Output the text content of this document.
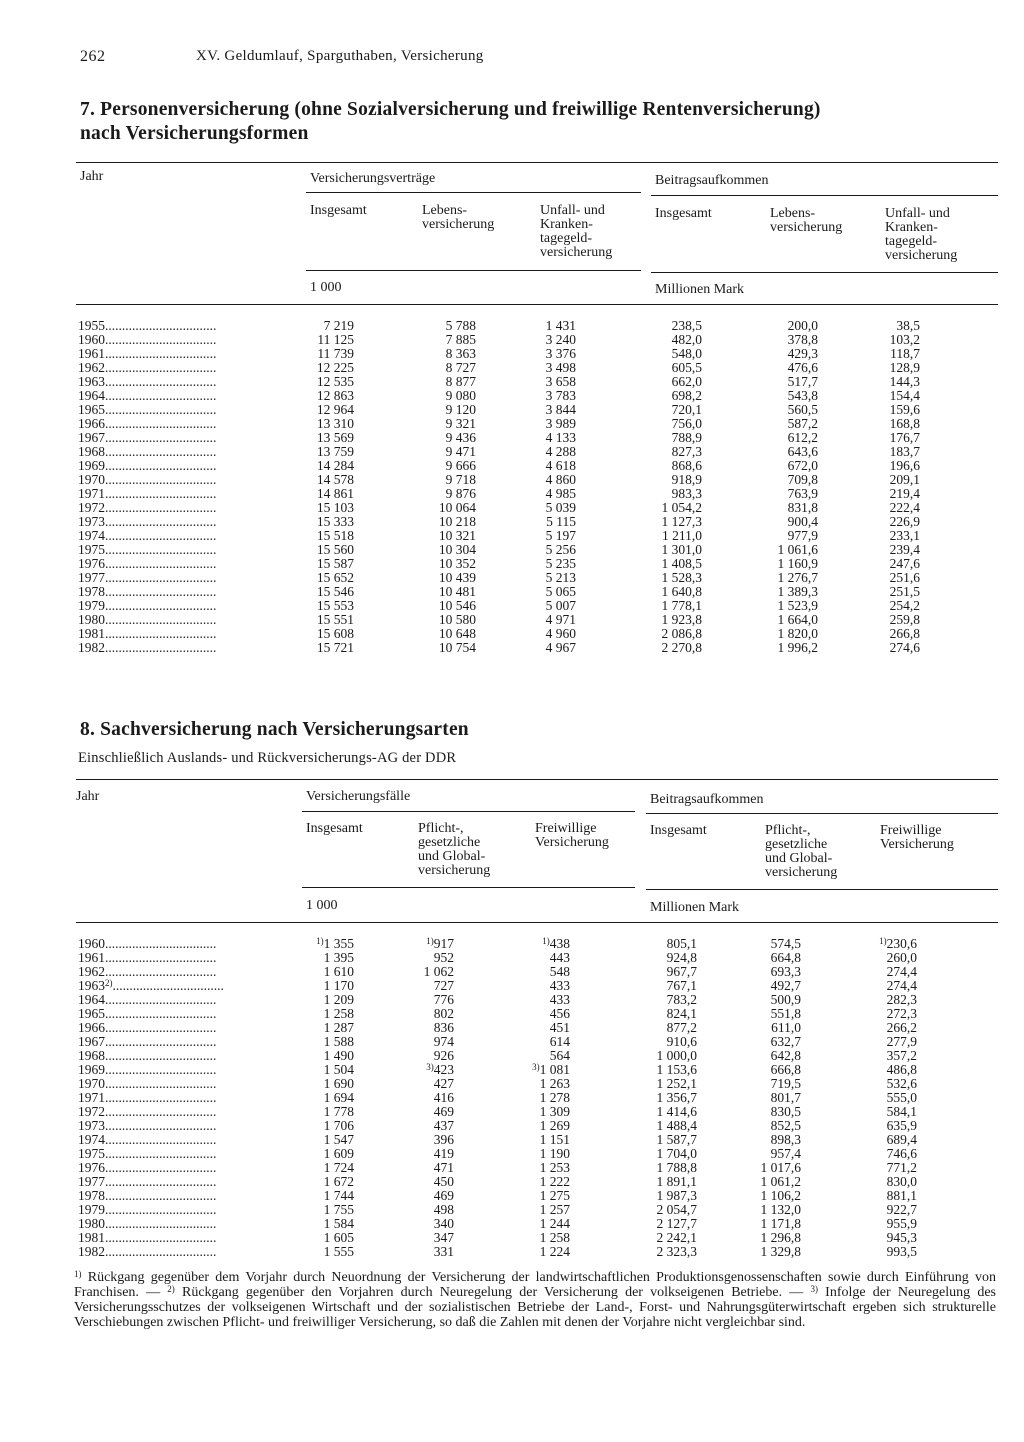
262	XV. Geldumlauf, Sparguthaben, Versicherung
7. Personenversicherung (ohne Sozialversicherung und freiwillige Rentenversicherung)
nach Versicherungsformen
Jahr	Versicherungsverträge	Beitragsaufkommen
Insgesamt	Lebens-
versicherung
Unfall- und
Kranken-
tagegeld-
versicherung
Insgesamt	Lebens-
versicherung
Unfall- und
Kranken-
tagegeld-
versicherung
1 000	Millionen Mark
1955.................................	7 219	5 788	1 431	238,5	200,0	38,5
1960.................................	11 125	7 885	3 240	482,0	378,8	103,2
1961.................................	11 739	8 363	3 376	548,0	429,3	118,7
1962.................................	12 225	8 727	3 498	605,5	476,6	128,9
1963.................................	12 535	8 877	3 658	662,0	517,7	144,3
1964.................................	12 863	9 080	3 783	698,2	543,8	154,4
1965.................................	12 964	9 120	3 844	720,1	560,5	159,6
1966.................................	13 310	9 321	3 989	756,0	587,2	168,8
1967.................................	13 569	9 436	4 133	788,9	612,2	176,7
1968.................................	13 759	9 471	4 288	827,3	643,6	183,7
1969.................................	14 284	9 666	4 618	868,6	672,0	196,6
1970.................................	14 578	9 718	4 860	918,9	709,8	209,1
1971.................................	14 861	9 876	4 985	983,3	763,9	219,4
1972.................................	15 103	10 064	5 039	1 054,2	831,8	222,4
1973.................................	15 333	10 218	5 115	1 127,3	900,4	226,9
1974.................................	15 518	10 321	5 197	1 211,0	977,9	233,1
1975.................................	15 560	10 304	5 256	1 301,0	1 061,6	239,4
1976.................................	15 587	10 352	5 235	1 408,5	1 160,9	247,6
1977.................................	15 652	10 439	5 213	1 528,3	1 276,7	251,6
1978.................................	15 546	10 481	5 065	1 640,8	1 389,3	251,5
1979.................................	15 553	10 546	5 007	1 778,1	1 523,9	254,2
1980.................................	15 551	10 580	4 971	1 923,8	1 664,0	259,8
1981.................................	15 608	10 648	4 960	2 086,8	1 820,0	266,8
1982.................................	15 721	10 754	4 967	2 270,8	1 996,2	274,6
8. Sachversicherung nach Versicherungsarten
Einschließlich Auslands- und Rückversicherungs-AG der DDR
Jahr	Versicherungsfälle	Beitragsaufkommen
Insgesamt	Pflicht-,
gesetzliche
und Global-
versicherung
Freiwillige
Versicherung
Insgesamt	Pflicht-,
gesetzliche
und Global-
versicherung
Freiwillige
Versicherung
1 000	Millionen Mark
1960.................................	$^{1)}$1 355	$^{1)}$917	$^{1)}$438	805,1	574,5	$^{1)}$230,6
1961.................................	1 395	952	443	924,8	664,8	260,0
1962.................................	1 610	1 062	548	967,7	693,3	274,4
1963$^{2)}$.................................	1 170	727	433	767,1	492,7	274,4
1964.................................	1 209	776	433	783,2	500,9	282,3
1965.................................	1 258	802	456	824,1	551,8	272,3
1966.................................	1 287	836	451	877,2	611,0	266,2
1967.................................	1 588	974	614	910,6	632,7	277,9
1968.................................	1 490	926	564	1 000,0	642,8	357,2
1969.................................	1 504	$^{3)}$423	$^{3)}$1 081	1 153,6	666,8	486,8
1970.................................	1 690	427	1 263	1 252,1	719,5	532,6
1971.................................	1 694	416	1 278	1 356,7	801,7	555,0
1972.................................	1 778	469	1 309	1 414,6	830,5	584,1
1973.................................	1 706	437	1 269	1 488,4	852,5	635,9
1974.................................	1 547	396	1 151	1 587,7	898,3	689,4
1975.................................	1 609	419	1 190	1 704,0	957,4	746,6
1976.................................	1 724	471	1 253	1 788,8	1 017,6	771,2
1977.................................	1 672	450	1 222	1 891,1	1 061,2	830,0
1978.................................	1 744	469	1 275	1 987,3	1 106,2	881,1
1979.................................	1 755	498	1 257	2 054,7	1 132,0	922,7
1980.................................	1 584	340	1 244	2 127,7	1 171,8	955,9
1981.................................	1 605	347	1 258	2 242,1	1 296,8	945,3
1982.................................	1 555	331	1 224	2 323,3	1 329,8	993,5
$^{1)}$ Rückgang gegenüber dem Vorjahr durch Neuordnung der Versicherung der landwirtschaftlichen Produktionsgenossenschaften sowie durch Einführung von Franchisen. — $^{2)}$ Rückgang gegenüber den Vorjahren durch Neuregelung der Versicherung der volkseigenen Betriebe. — $^{3)}$ Infolge der Neuregelung des Versicherungsschutzes der volkseigenen Wirtschaft und der sozialistischen Betriebe der Land-, Forst- und Nahrungsgüterwirtschaft ergeben sich strukturelle Verschiebungen zwischen Pflicht- und freiwilliger Versicherung, so daß die Zahlen mit denen der Vorjahre nicht vergleichbar sind.
